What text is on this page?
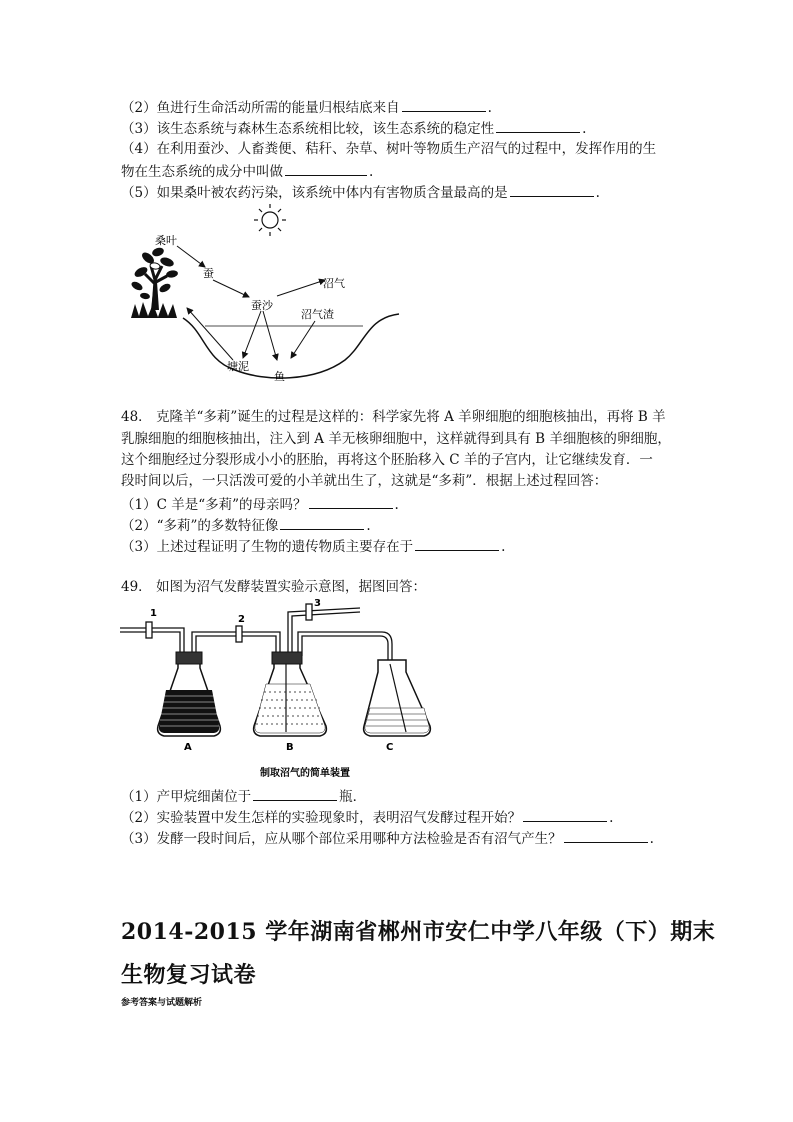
（2）鱼进行生命活动所需的能量归根结底来自	.
（3）该生态系统与森林生态系统相比较，该生态系统的稳定性	.
（4）在利用蚕沙、人畜粪便、秸秆、杂草、树叶等物质生产沼气的过程中，发挥作用的生
物在生态系统的成分中叫做	.
（5）如果桑叶被农药污染，该系统中体内有害物质含量最高的是	.
桑叶
蚕
蚕沙
沼气
沼气渣
塘泥
鱼
48． 克隆羊“多莉”诞生的过程是这样的：科学家先将 A 羊卵细胞的细胞核抽出，再将 B 羊
乳腺细胞的细胞核抽出，注入到 A 羊无核卵细胞中，这样就得到具有 B 羊细胞核的卵细胞，
这个细胞经过分裂形成小小的胚胎，再将这个胚胎移入 C 羊的子宫内，让它继续发育．一
段时间以后，一只活泼可爱的小羊就出生了，这就是“多莉”．根据上述过程回答：
（1）C 羊是“多莉”的母亲吗？	.
（2）“多莉”的多数特征像	.
（3）上述过程证明了生物的遗传物质主要存在于	.
49． 如图为沼气发酵装置实验示意图，据图回答：
1
2
3
A	B	C
制取沼气的简单装置
（1）产甲烷细菌位于	瓶．
（2）实验装置中发生怎样的实验现象时，表明沼气发酵过程开始？	.
（3）发酵一段时间后，应从哪个部位采用哪种方法检验是否有沼气产生？	.
2014-2015 学年湖南省郴州市安仁中学八年级（下）期末
生物复习试卷
参考答案与试题解析
